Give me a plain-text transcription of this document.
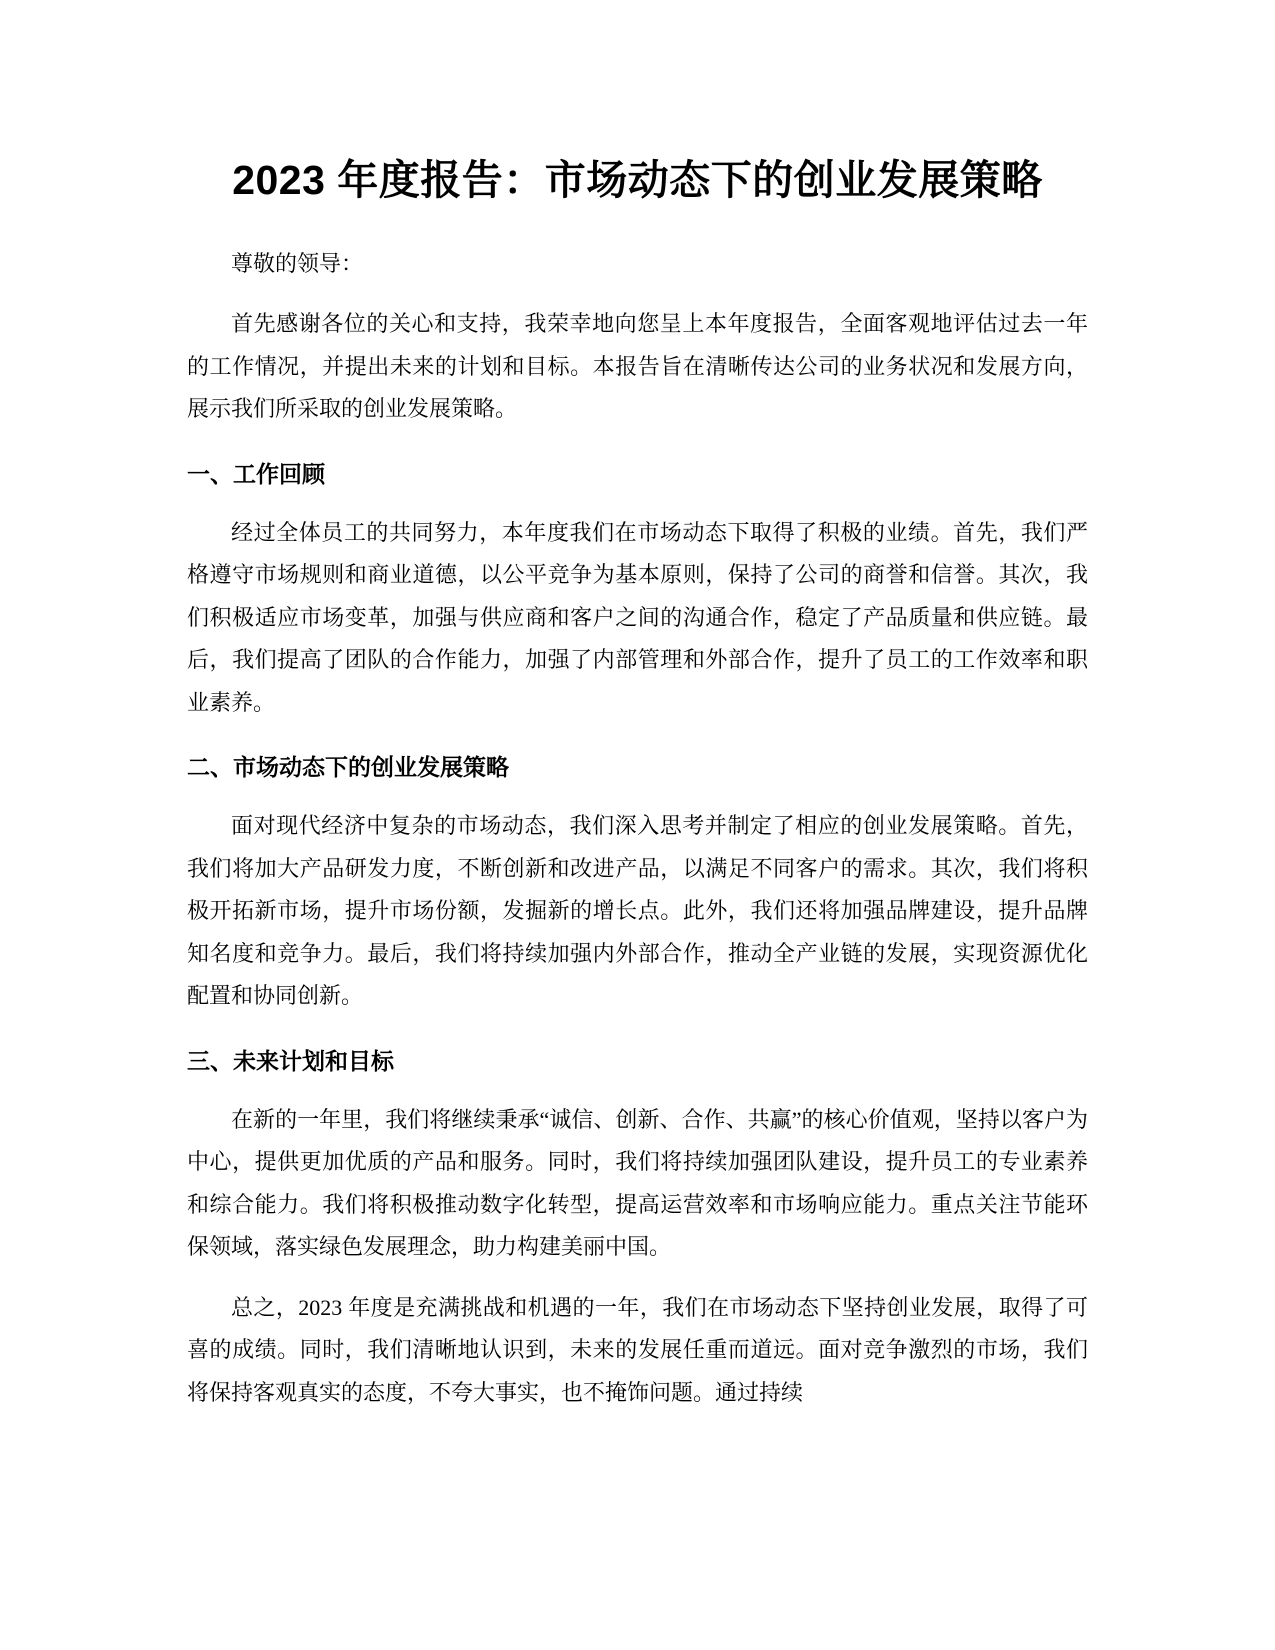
2023 年度报告：市场动态下的创业发展策略

尊敬的领导：

首先感谢各位的关心和支持，我荣幸地向您呈上本年度报告，全面客观地评估过去一年的工作情况，并提出未来的计划和目标。本报告旨在清晰传达公司的业务状况和发展方向，展示我们所采取的创业发展策略。

一、工作回顾

经过全体员工的共同努力，本年度我们在市场动态下取得了积极的业绩。首先，我们严格遵守市场规则和商业道德，以公平竞争为基本原则，保持了公司的商誉和信誉。其次，我们积极适应市场变革，加强与供应商和客户之间的沟通合作，稳定了产品质量和供应链。最后，我们提高了团队的合作能力，加强了内部管理和外部合作，提升了员工的工作效率和职业素养。

二、市场动态下的创业发展策略

面对现代经济中复杂的市场动态，我们深入思考并制定了相应的创业发展策略。首先，我们将加大产品研发力度，不断创新和改进产品，以满足不同客户的需求。其次，我们将积极开拓新市场，提升市场份额，发掘新的增长点。此外，我们还将加强品牌建设，提升品牌知名度和竞争力。最后，我们将持续加强内外部合作，推动全产业链的发展，实现资源优化配置和协同创新。

三、未来计划和目标

在新的一年里，我们将继续秉承“诚信、创新、合作、共赢”的核心价值观，坚持以客户为中心，提供更加优质的产品和服务。同时，我们将持续加强团队建设，提升员工的专业素养和综合能力。我们将积极推动数字化转型，提高运营效率和市场响应能力。重点关注节能环保领域，落实绿色发展理念，助力构建美丽中国。

总之，2023 年度是充满挑战和机遇的一年，我们在市场动态下坚持创业发展，取得了可喜的成绩。同时，我们清晰地认识到，未来的发展任重而道远。面对竞争激烈的市场，我们将保持客观真实的态度，不夸大事实，也不掩饰问题。通过持续
